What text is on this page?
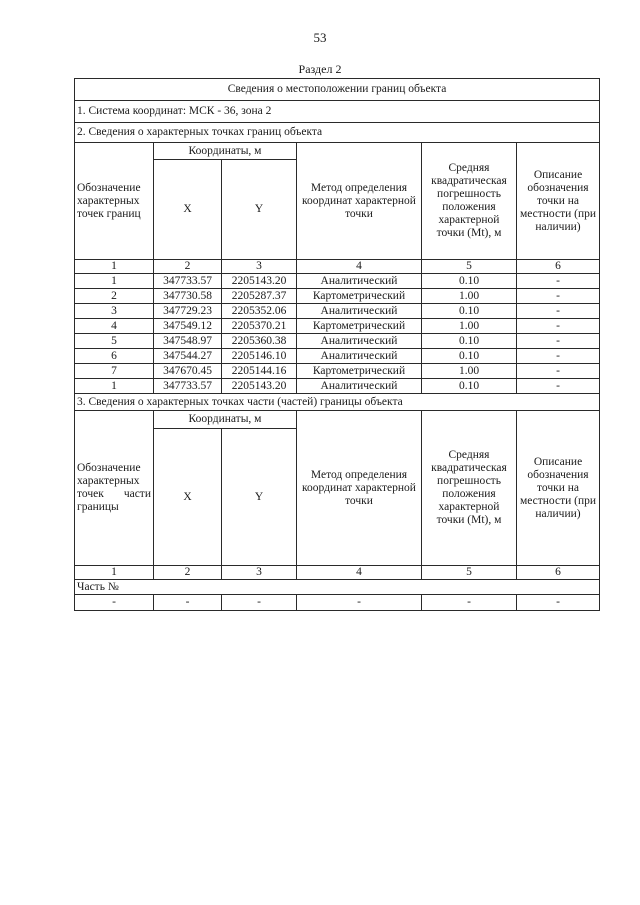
53
Раздел 2
Сведения о местоположении границ объекта					
1. Система координат: МСК - 36, зона 2					
2. Сведения о характерных точках границ объекта					
Обозначение характерных точек границ	Координаты, м		Метод определения координат характерной точки	Средняя квадратическая погрешность положения характерной точки (Mt), м	Описание обозначения точки на местности (при наличии)
	X	Y			
1	2	3	4	5	6
1	347733.57	2205143.20	Аналитический	0.10	-
2	347730.58	2205287.37	Картометрический	1.00	-
3	347729.23	2205352.06	Аналитический	0.10	-
4	347549.12	2205370.21	Картометрический	1.00	-
5	347548.97	2205360.38	Аналитический	0.10	-
6	347544.27	2205146.10	Аналитический	0.10	-
7	347670.45	2205144.16	Картометрический	1.00	-
1	347733.57	2205143.20	Аналитический	0.10	-
3. Сведения о характерных точках части (частей) границы объекта					
Обозначение характерных точек части границы	Координаты, м		Метод определения координат характерной точки	Средняя квадратическая погрешность положения характерной точки (Mt), м	Описание обозначения точки на местности (при наличии)
	X	Y			
1	2	3	4	5	6
Часть №					
-	-	-	-	-	-
